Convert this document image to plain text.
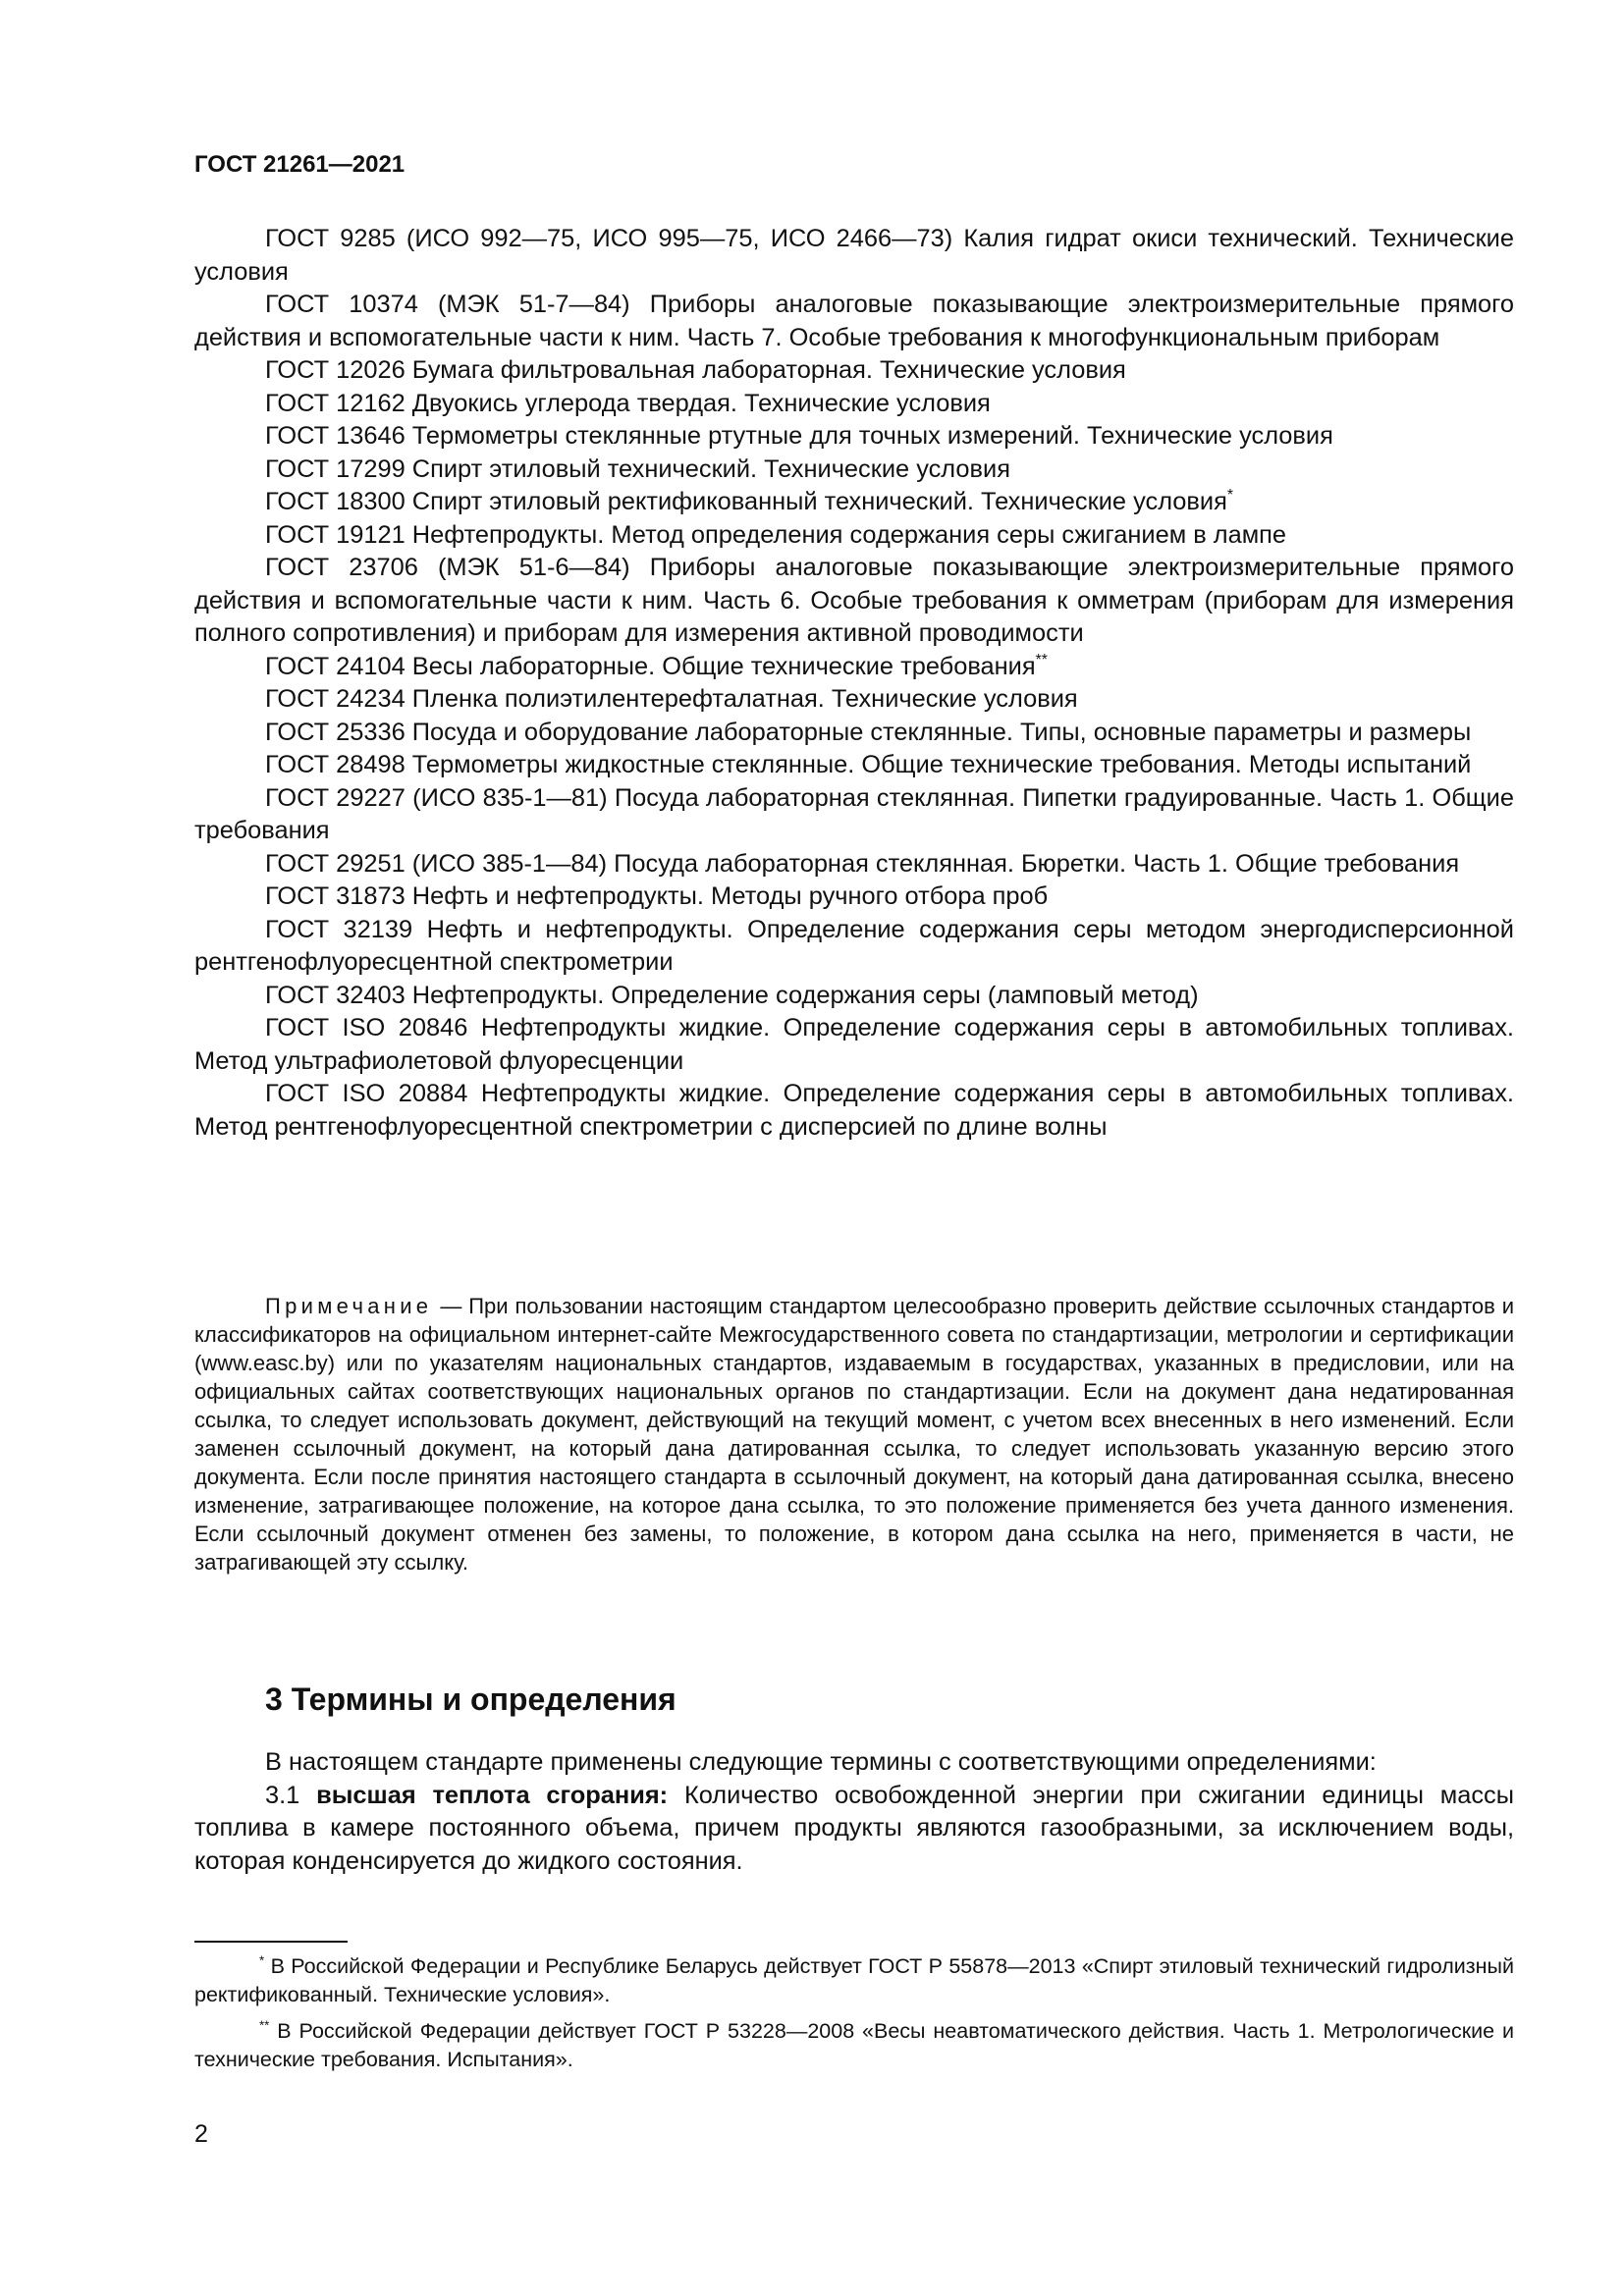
ГОСТ 21261—2021

ГОСТ 9285 (ИСО 992—75, ИСО 995—75, ИСО 2466—73) Калия гидрат окиси технический. Технические условия

ГОСТ 10374 (МЭК 51-7—84) Приборы аналоговые показывающие электроизмерительные прямого действия и вспомогательные части к ним. Часть 7. Особые требования к многофункциональным приборам

ГОСТ 12026 Бумага фильтровальная лабораторная. Технические условия

ГОСТ 12162 Двуокись углерода твердая. Технические условия

ГОСТ 13646 Термометры стеклянные ртутные для точных измерений. Технические условия

ГОСТ 17299 Спирт этиловый технический. Технические условия

ГОСТ 18300 Спирт этиловый ректификованный технический. Технические условия*

ГОСТ 19121 Нефтепродукты. Метод определения содержания серы сжиганием в лампе

ГОСТ 23706 (МЭК 51-6—84) Приборы аналоговые показывающие электроизмерительные прямого действия и вспомогательные части к ним. Часть 6. Особые требования к омметрам (приборам для измерения полного сопротивления) и приборам для измерения активной проводимости

ГОСТ 24104 Весы лабораторные. Общие технические требования**

ГОСТ 24234 Пленка полиэтилентерефталатная. Технические условия

ГОСТ 25336 Посуда и оборудование лабораторные стеклянные. Типы, основные параметры и размеры

ГОСТ 28498 Термометры жидкостные стеклянные. Общие технические требования. Методы испытаний

ГОСТ 29227 (ИСО 835-1—81) Посуда лабораторная стеклянная. Пипетки градуированные. Часть 1. Общие требования

ГОСТ 29251 (ИСО 385-1—84) Посуда лабораторная стеклянная. Бюретки. Часть 1. Общие требования

ГОСТ 31873 Нефть и нефтепродукты. Методы ручного отбора проб

ГОСТ 32139 Нефть и нефтепродукты. Определение содержания серы методом энергодисперсионной рентгенофлуоресцентной спектрометрии

ГОСТ 32403 Нефтепродукты. Определение содержания серы (ламповый метод)

ГОСТ ISO 20846 Нефтепродукты жидкие. Определение содержания серы в автомобильных топливах. Метод ультрафиолетовой флуоресценции

ГОСТ ISO 20884 Нефтепродукты жидкие. Определение содержания серы в автомобильных топливах. Метод рентгенофлуоресцентной спектрометрии с дисперсией по длине волны

Примечание — При пользовании настоящим стандартом целесообразно проверить действие ссылочных стандартов и классификаторов на официальном интернет-сайте Межгосударственного совета по стандартизации, метрологии и сертификации (www.easc.by) или по указателям национальных стандартов, издаваемым в государствах, указанных в предисловии, или на официальных сайтах соответствующих национальных органов по стандартизации. Если на документ дана недатированная ссылка, то следует использовать документ, действующий на текущий момент, с учетом всех внесенных в него изменений. Если заменен ссылочный документ, на который дана датированная ссылка, то следует использовать указанную версию этого документа. Если после принятия настоящего стандарта в ссылочный документ, на который дана датированная ссылка, внесено изменение, затрагивающее положение, на которое дана ссылка, то это положение применяется без учета данного изменения. Если ссылочный документ отменен без замены, то положение, в котором дана ссылка на него, применяется в части, не затрагивающей эту ссылку.

3 Термины и определения

В настоящем стандарте применены следующие термины с соответствующими определениями:

3.1 высшая теплота сгорания: Количество освобожденной энергии при сжигании единицы массы топлива в камере постоянного объема, причем продукты являются газообразными, за исключением воды, которая конденсируется до жидкого состояния.

* В Российской Федерации и Республике Беларусь действует ГОСТ Р 55878—2013 «Спирт этиловый технический гидролизный ректификованный. Технические условия».

** В Российской Федерации действует ГОСТ Р 53228—2008 «Весы неавтоматического действия. Часть 1. Метрологические и технические требования. Испытания».

2
